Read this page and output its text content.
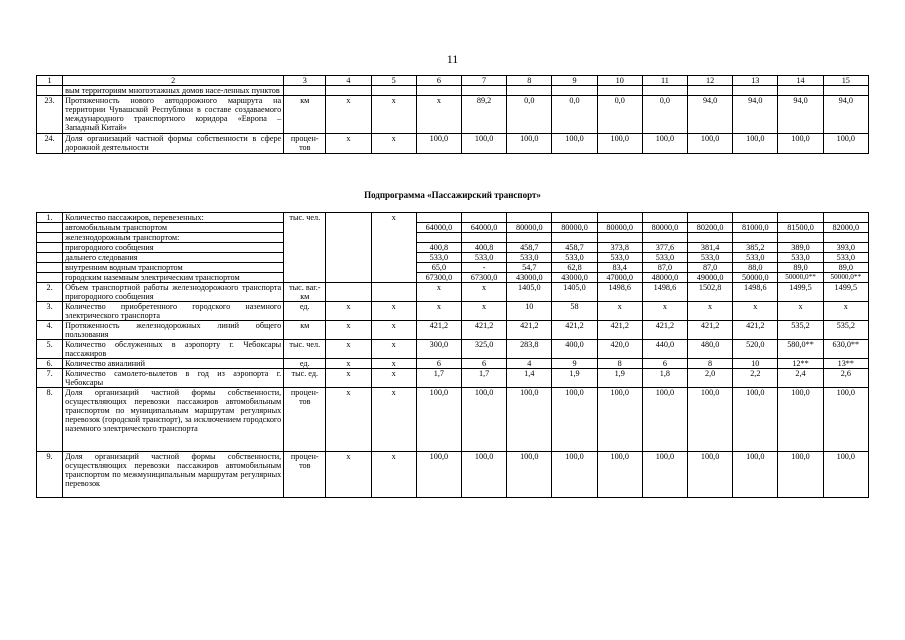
11
1	2	3	4	5	6	7	8	9	10	11	12	13	14	15
	вым территориям многоэтажных домов насе-ленных пунктов													
23.	Протяженность нового автодорожного маршрута на территории Чувашской Республики в составе создаваемого международного транспортного коридора «Европа – Западный Китай»	км	х	х	х	89,2	0,0	0,0	0,0	0,0	94,0	94,0	94,0	94,0
24.	Доля организаций частной формы собственности в сфере дорожной деятельности	процен-тов	х	х	100,0	100,0	100,0	100,0	100,0	100,0	100,0	100,0	100,0	100,0
Подпрограмма «Пассажирский транспорт»
1.	Количество пассажиров, перевезенных:	тыс. чел.		х										
	автомобильным транспортом				64000,0	64000,0	80000,0	80000,0	80000,0	80000,0	80200,0	81000,0	81500,0	82000,0
	железнодорожным транспортом:													
	пригородного сообщения				400,8	400,8	458,7	458,7	373,8	377,6	381,4	385,2	389,0	393,0
	дальнего следования				533,0	533,0	533,0	533,0	533,0	533,0	533,0	533,0	533,0	533,0
	внутренним водным транспортом				65,0	-	54,7	62,8	83,4	87,0	87,0	88,0	89,0	89,0
	городским наземным электрическим транспортом				67300,0	67300,0	43000,0	43000,0	47000,0	48000,0	49000,0	50000,0	50000,0**	50000,0**
2.	Объем транспортной работы железнодорожного транспорта пригородного сообщения	тыс. ваг.-км			х	х	1405,0	1405,0	1498,6	1498,6	1502,8	1498,6	1499,5	1499,5
3.	Количество приобретенного городского наземного электрического транспорта	ед.	х	х	х	х	10	58	х	х	х	х	х	х
4.	Протяженность железнодорожных линий общего пользования	км	х	х	421,2	421,2	421,2	421,2	421,2	421,2	421,2	421,2	535,2	535,2
5.	Количество обслуженных в аэропорту г. Чебоксары пассажиров	тыс. чел.	х	х	300,0	325,0	283,8	400,0	420,0	440,0	480,0	520,0	580,0**	630,0**
6.	Количество авиалиний	ед.	х	х	6	6	4	9	8	6	8	10	12**	13**
7.	Количество самолето-вылетов в год из аэропорта г. Чебоксары	тыс. ед.	х	х	1,7	1,7	1,4	1,9	1,9	1,8	2,0	2,2	2,4	2,6
8.	Доля организаций частной формы собственности, осуществляющих перевозки пассажиров автомобильным транспортом по муниципальным маршрутам регулярных перевозок (городской транспорт), за исключением городского наземного электрического транспорта	процен-тов	х	х	100,0	100,0	100,0	100,0	100,0	100,0	100,0	100,0	100,0	100,0
9.	Доля организаций частной формы собственности, осуществляющих перевозки пассажиров автомобильным транспортом по межмуниципальным маршрутам регулярных перевозок	процен-тов	х	х	100,0	100,0	100,0	100,0	100,0	100,0	100,0	100,0	100,0	100,0
